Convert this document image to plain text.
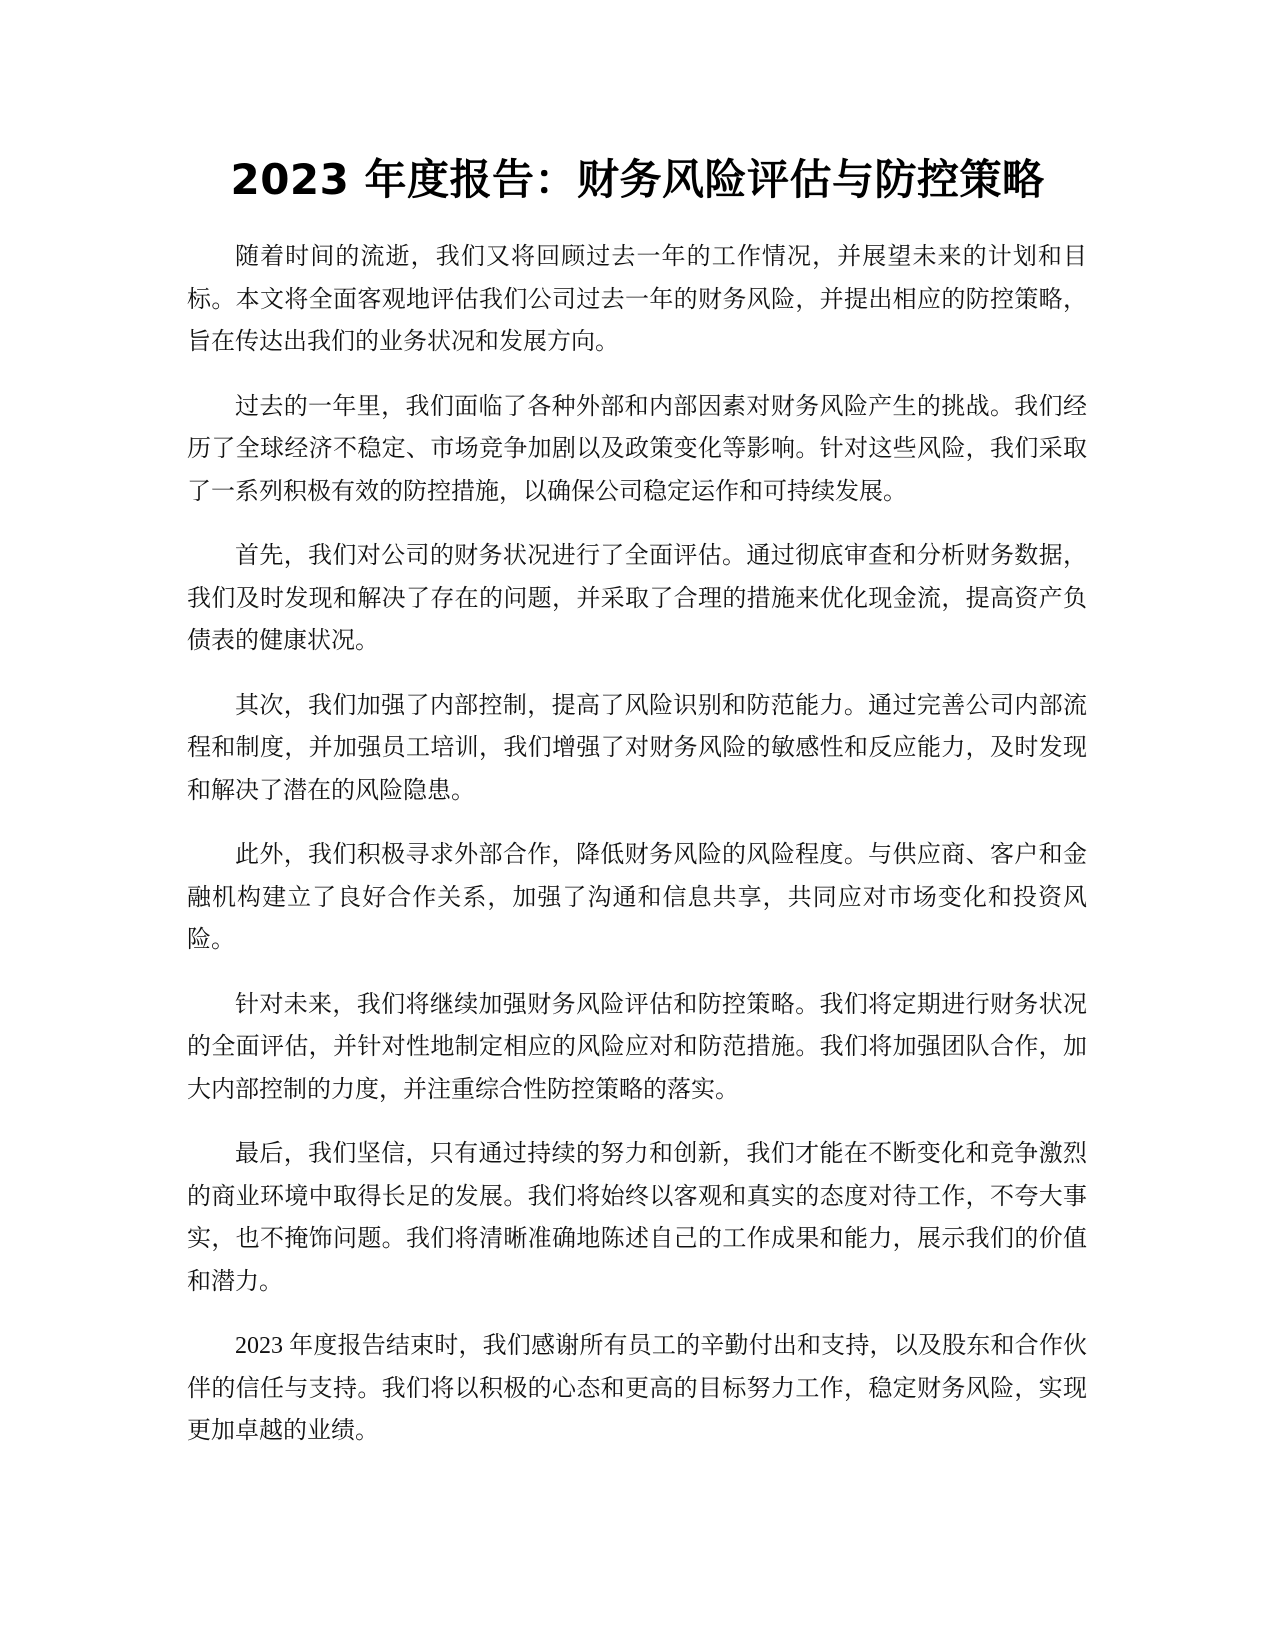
2023 年度报告：财务风险评估与防控策略

随着时间的流逝，我们又将回顾过去一年的工作情况，并展望未来的计划和目标。本文将全面客观地评估我们公司过去一年的财务风险，并提出相应的防控策略，旨在传达出我们的业务状况和发展方向。

过去的一年里，我们面临了各种外部和内部因素对财务风险产生的挑战。我们经历了全球经济不稳定、市场竞争加剧以及政策变化等影响。针对这些风险，我们采取了一系列积极有效的防控措施，以确保公司稳定运作和可持续发展。

首先，我们对公司的财务状况进行了全面评估。通过彻底审查和分析财务数据，我们及时发现和解决了存在的问题，并采取了合理的措施来优化现金流，提高资产负债表的健康状况。

其次，我们加强了内部控制，提高了风险识别和防范能力。通过完善公司内部流程和制度，并加强员工培训，我们增强了对财务风险的敏感性和反应能力，及时发现和解决了潜在的风险隐患。

此外，我们积极寻求外部合作，降低财务风险的风险程度。与供应商、客户和金融机构建立了良好合作关系，加强了沟通和信息共享，共同应对市场变化和投资风险。

针对未来，我们将继续加强财务风险评估和防控策略。我们将定期进行财务状况的全面评估，并针对性地制定相应的风险应对和防范措施。我们将加强团队合作，加大内部控制的力度，并注重综合性防控策略的落实。

最后，我们坚信，只有通过持续的努力和创新，我们才能在不断变化和竞争激烈的商业环境中取得长足的发展。我们将始终以客观和真实的态度对待工作，不夸大事实，也不掩饰问题。我们将清晰准确地陈述自己的工作成果和能力，展示我们的价值和潜力。

2023 年度报告结束时，我们感谢所有员工的辛勤付出和支持，以及股东和合作伙伴的信任与支持。我们将以积极的心态和更高的目标努力工作，稳定财务风险，实现更加卓越的业绩。
